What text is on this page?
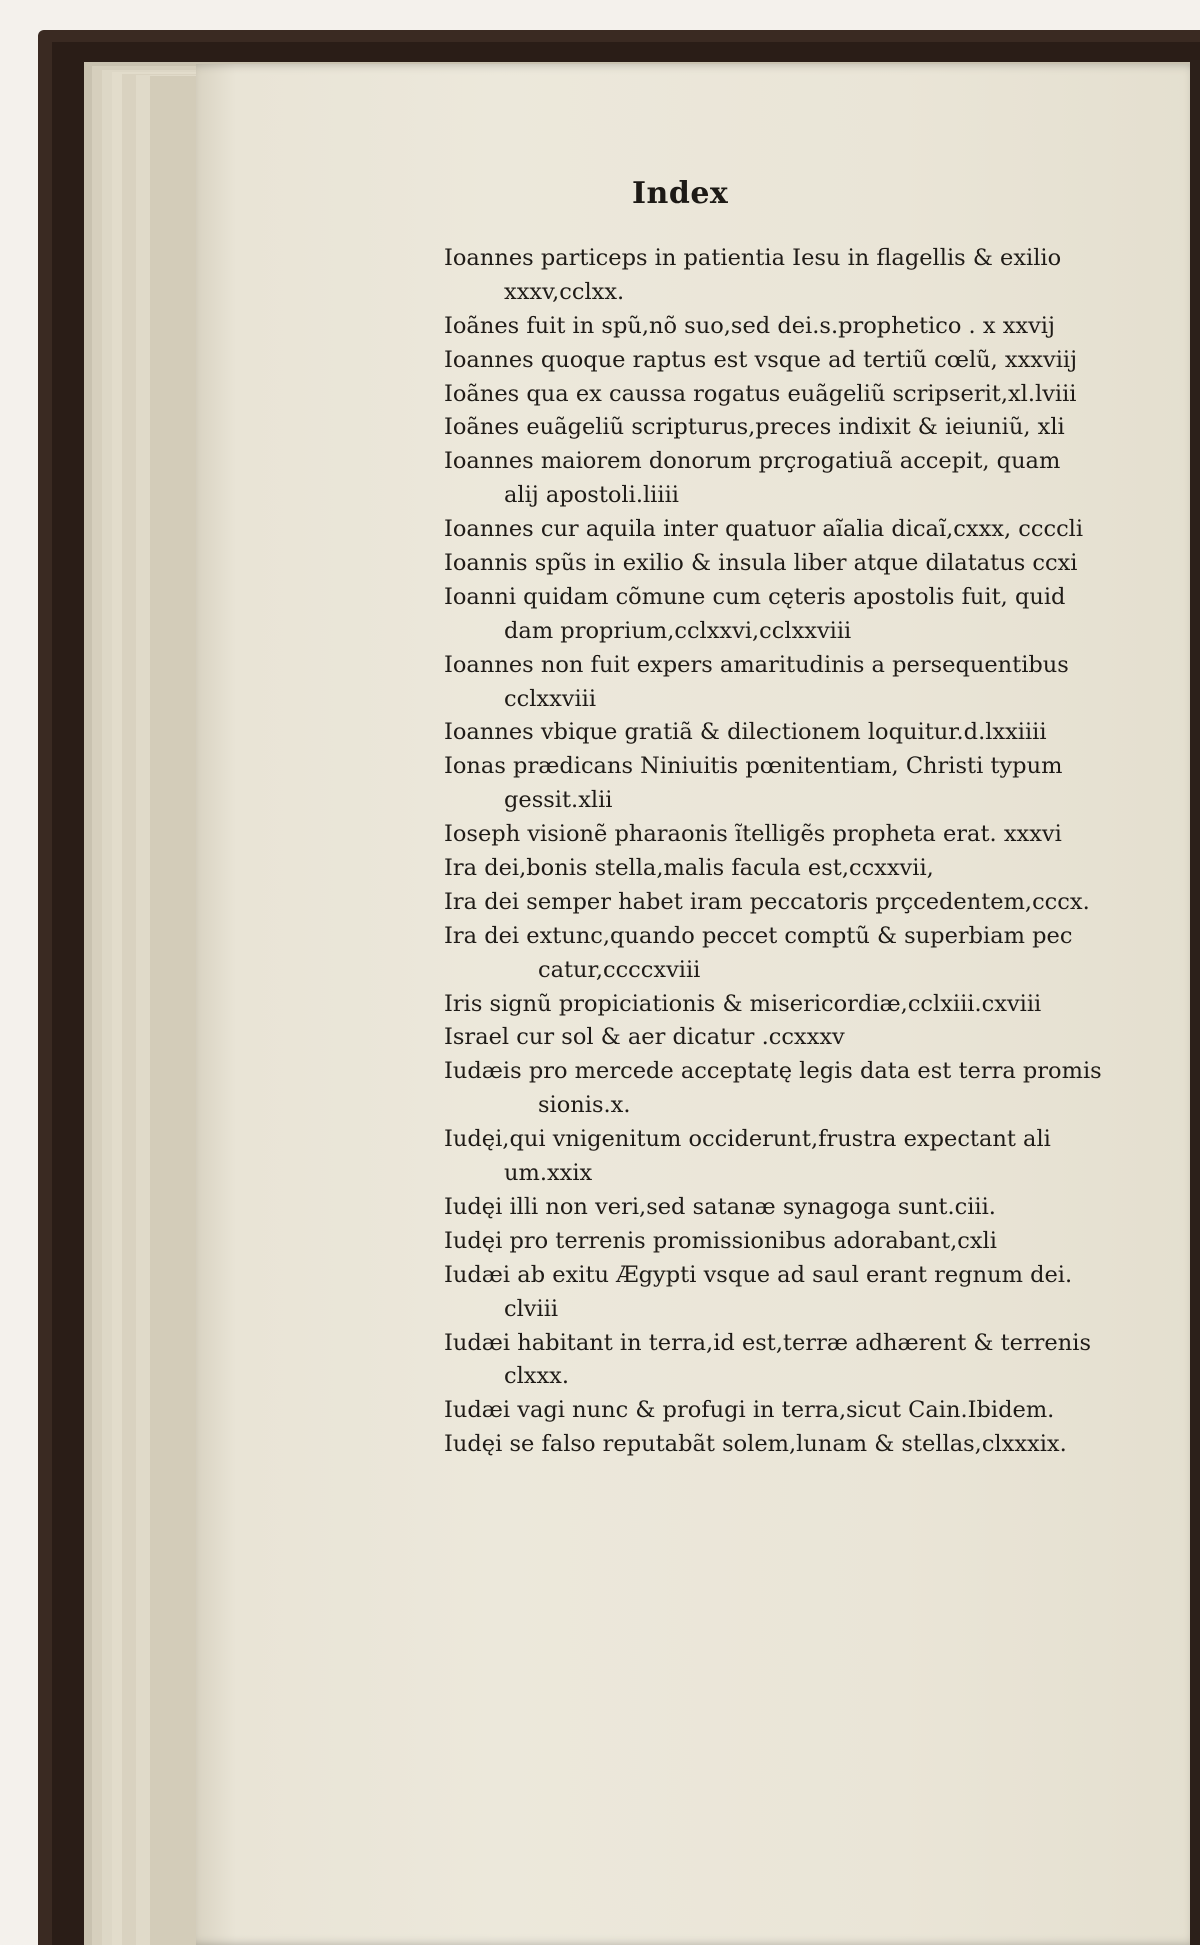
Index
Ioannes particeps in patientia Iesu in flagellis & exilio
xxxv,cclxx.
Ioãnes fuit in spũ,nõ suo,sed dei.s.prophetico . x xxvij
Ioannes quoque raptus est vsque ad tertiũ cœlũ, xxxviij
Ioãnes qua ex caussa rogatus euãgeliũ scripserit,xl.lviii
Ioãnes euãgeliũ scripturus,preces indixit & ieiuniũ, xli
Ioannes maiorem donorum prçrogatiuã accepit, quam
alij apostoli.liiii
Ioannes cur aquila inter quatuor aĩalia dicaĩ,cxxx, ccccli
Ioannis spũs in exilio & insula liber atque dilatatus ccxi
Ioanni quidam cõmune cum cęteris apostolis fuit, quid
dam proprium,cclxxvi,cclxxviii
Ioannes non fuit expers amaritudinis a persequentibus
cclxxviii
Ioannes vbique gratiã & dilectionem loquitur.d.lxxiiii
Ionas prædicans Niniuitis pœnitentiam, Christi typum
gessit.xlii
Ioseph visionẽ pharaonis ĩtelligẽs propheta erat. xxxvi
Ira dei,bonis stella,malis facula est,ccxxvii,
Ira dei semper habet iram peccatoris prçcedentem,cccx.
Ira dei extunc,quando peccet comptũ & superbiam pec
catur,ccccxviii
Iris signũ propiciationis & misericordiæ,cclxiii.cxviii
Israel cur sol & aer dicatur .ccxxxv
Iudæis pro mercede acceptatę legis data est terra promis
sionis.x.
Iudęi,qui vnigenitum occiderunt,frustra expectant ali
um.xxix
Iudęi illi non veri,sed satanæ synagoga sunt.ciii.
Iudęi pro terrenis promissionibus adorabant,cxli
Iudæi ab exitu Ægypti vsque ad saul erant regnum dei.
clviii
Iudæi habitant in terra,id est,terræ adhærent & terrenis
clxxx.
Iudæi vagi nunc & profugi in terra,sicut Cain.Ibidem.
Iudęi se falso reputabãt solem,lunam & stellas,clxxxix.
